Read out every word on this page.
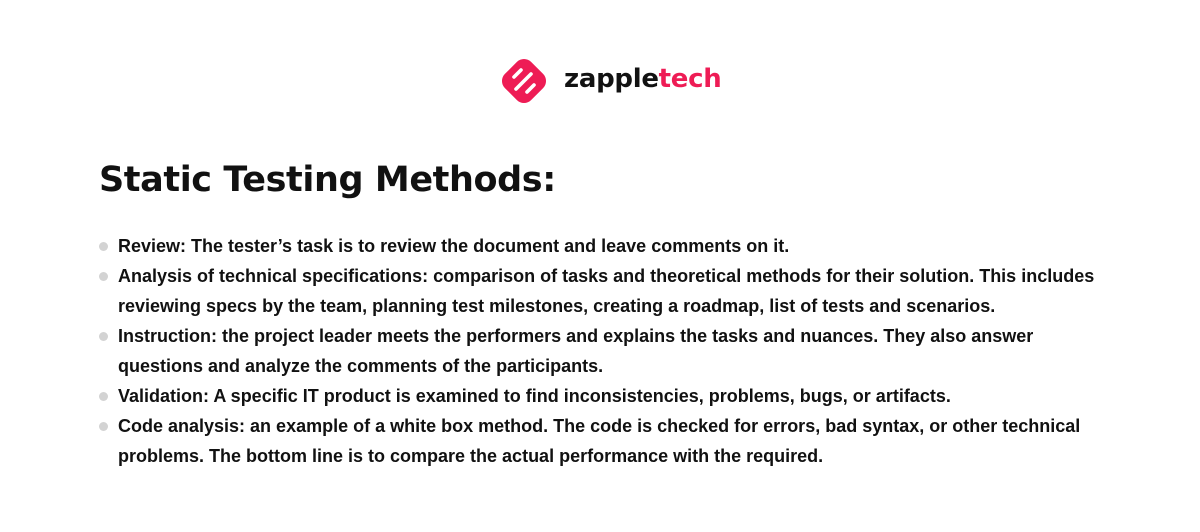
zappletech
Static Testing Methods:
Review: The tester’s task is to review the document and leave comments on it.
Analysis of technical specifications: comparison of tasks and theoretical methods for their solution. This includes reviewing specs by the team, planning test milestones, creating a roadmap, list of tests and scenarios.
Instruction: the project leader meets the performers and explains the tasks and nuances. They also answer questions and analyze the comments of the participants.
Validation: A specific IT product is examined to find inconsistencies, problems, bugs, or artifacts.
Code analysis: an example of a white box method. The code is checked for errors, bad syntax, or other technical problems. The bottom line is to compare the actual performance with the required.
